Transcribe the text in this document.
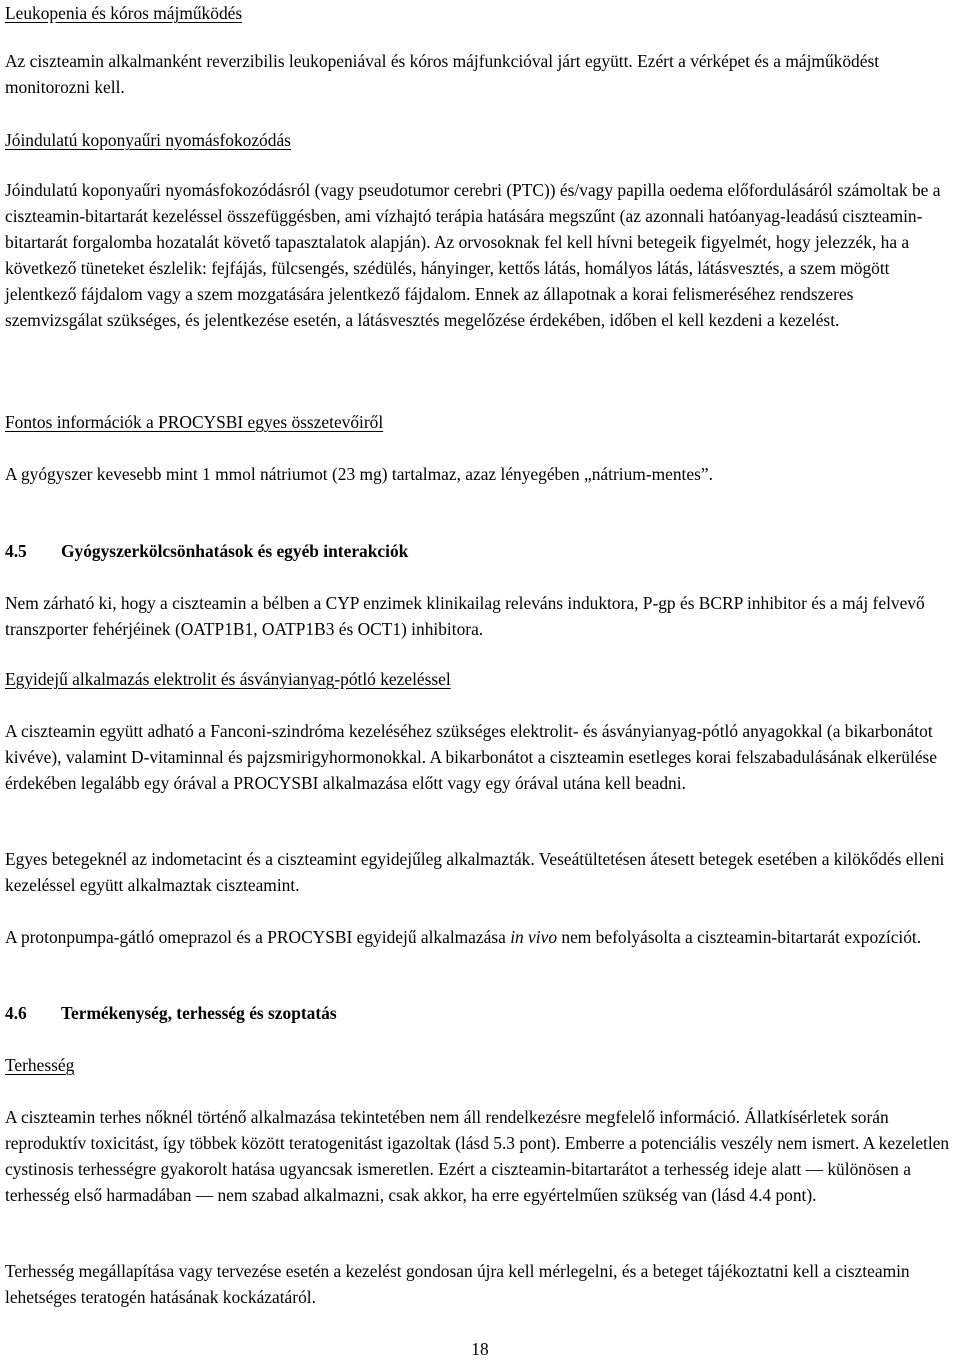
Leukopenia és kóros májműködés

Az ciszteamin alkalmanként reverzibilis leukopeniával és kóros májfunkcióval járt együtt. Ezért a vérképet és a májműködést monitorozni kell.

Jóindulatú koponyaűri nyomásfokozódás

Jóindulatú koponyaűri nyomásfokozódásról (vagy pseudotumor cerebri (PTC)) és/vagy papilla oedema előfordulásáról számoltak be a ciszteamin-bitartarát kezeléssel összefüggésben, ami vízhajtó terápia hatására megszűnt (az azonnali hatóanyag-leadású ciszteamin-bitartarát forgalomba hozatalát követő tapasztalatok alapján). Az orvosoknak fel kell hívni betegeik figyelmét, hogy jelezzék, ha a következő tüneteket észlelik: fejfájás, fülcsengés, szédülés, hányinger, kettős látás, homályos látás, látásvesztés, a szem mögött jelentkező fájdalom vagy a szem mozgatására jelentkező fájdalom. Ennek az állapotnak a korai felismeréséhez rendszeres szemvizsgálat szükséges, és jelentkezése esetén, a látásvesztés megelőzése érdekében, időben el kell kezdeni a kezelést.

Fontos információk a PROCYSBI egyes összetevőiről

A gyógyszer kevesebb mint 1 mmol nátriumot (23 mg) tartalmaz, azaz lényegében „nátrium-mentes”.

4.5 Gyógyszerkölcsönhatások és egyéb interakciók

Nem zárható ki, hogy a ciszteamin a bélben a CYP enzimek klinikailag releváns induktora, P-gp és BCRP inhibitor és a máj felvevő transzporter fehérjéinek (OATP1B1, OATP1B3 és OCT1) inhibitora.

Egyidejű alkalmazás elektrolit és ásványianyag-pótló kezeléssel

A ciszteamin együtt adható a Fanconi-szindróma kezeléséhez szükséges elektrolit- és ásványianyag-pótló anyagokkal (a bikarbonátot kivéve), valamint D-vitaminnal és pajzsmirigyhormonokkal. A bikarbonátot a ciszteamin esetleges korai felszabadulásának elkerülése érdekében legalább egy órával a PROCYSBI alkalmazása előtt vagy egy órával utána kell beadni.

Egyes betegeknél az indometacint és a ciszteamint egyidejűleg alkalmazták. Veseátültetésen átesett betegek esetében a kilökődés elleni kezeléssel együtt alkalmaztak ciszteamint.

A protonpumpa-gátló omeprazol és a PROCYSBI egyidejű alkalmazása in vivo nem befolyásolta a ciszteamin-bitartarát expozíciót.

4.6 Termékenység, terhesség és szoptatás

Terhesség

A ciszteamin terhes nőknél történő alkalmazása tekintetében nem áll rendelkezésre megfelelő információ. Állatkísérletek során reproduktív toxicitást, így többek között teratogenitást igazoltak (lásd 5.3 pont). Emberre a potenciális veszély nem ismert. A kezeletlen cystinosis terhességre gyakorolt hatása ugyancsak ismeretlen. Ezért a ciszteamin-bitartarátot a terhesség ideje alatt — különösen a terhesség első harmadában — nem szabad alkalmazni, csak akkor, ha erre egyértelműen szükség van (lásd 4.4 pont).

Terhesség megállapítása vagy tervezése esetén a kezelést gondosan újra kell mérlegelni, és a beteget tájékoztatni kell a ciszteamin lehetséges teratogén hatásának kockázatáról.

18
